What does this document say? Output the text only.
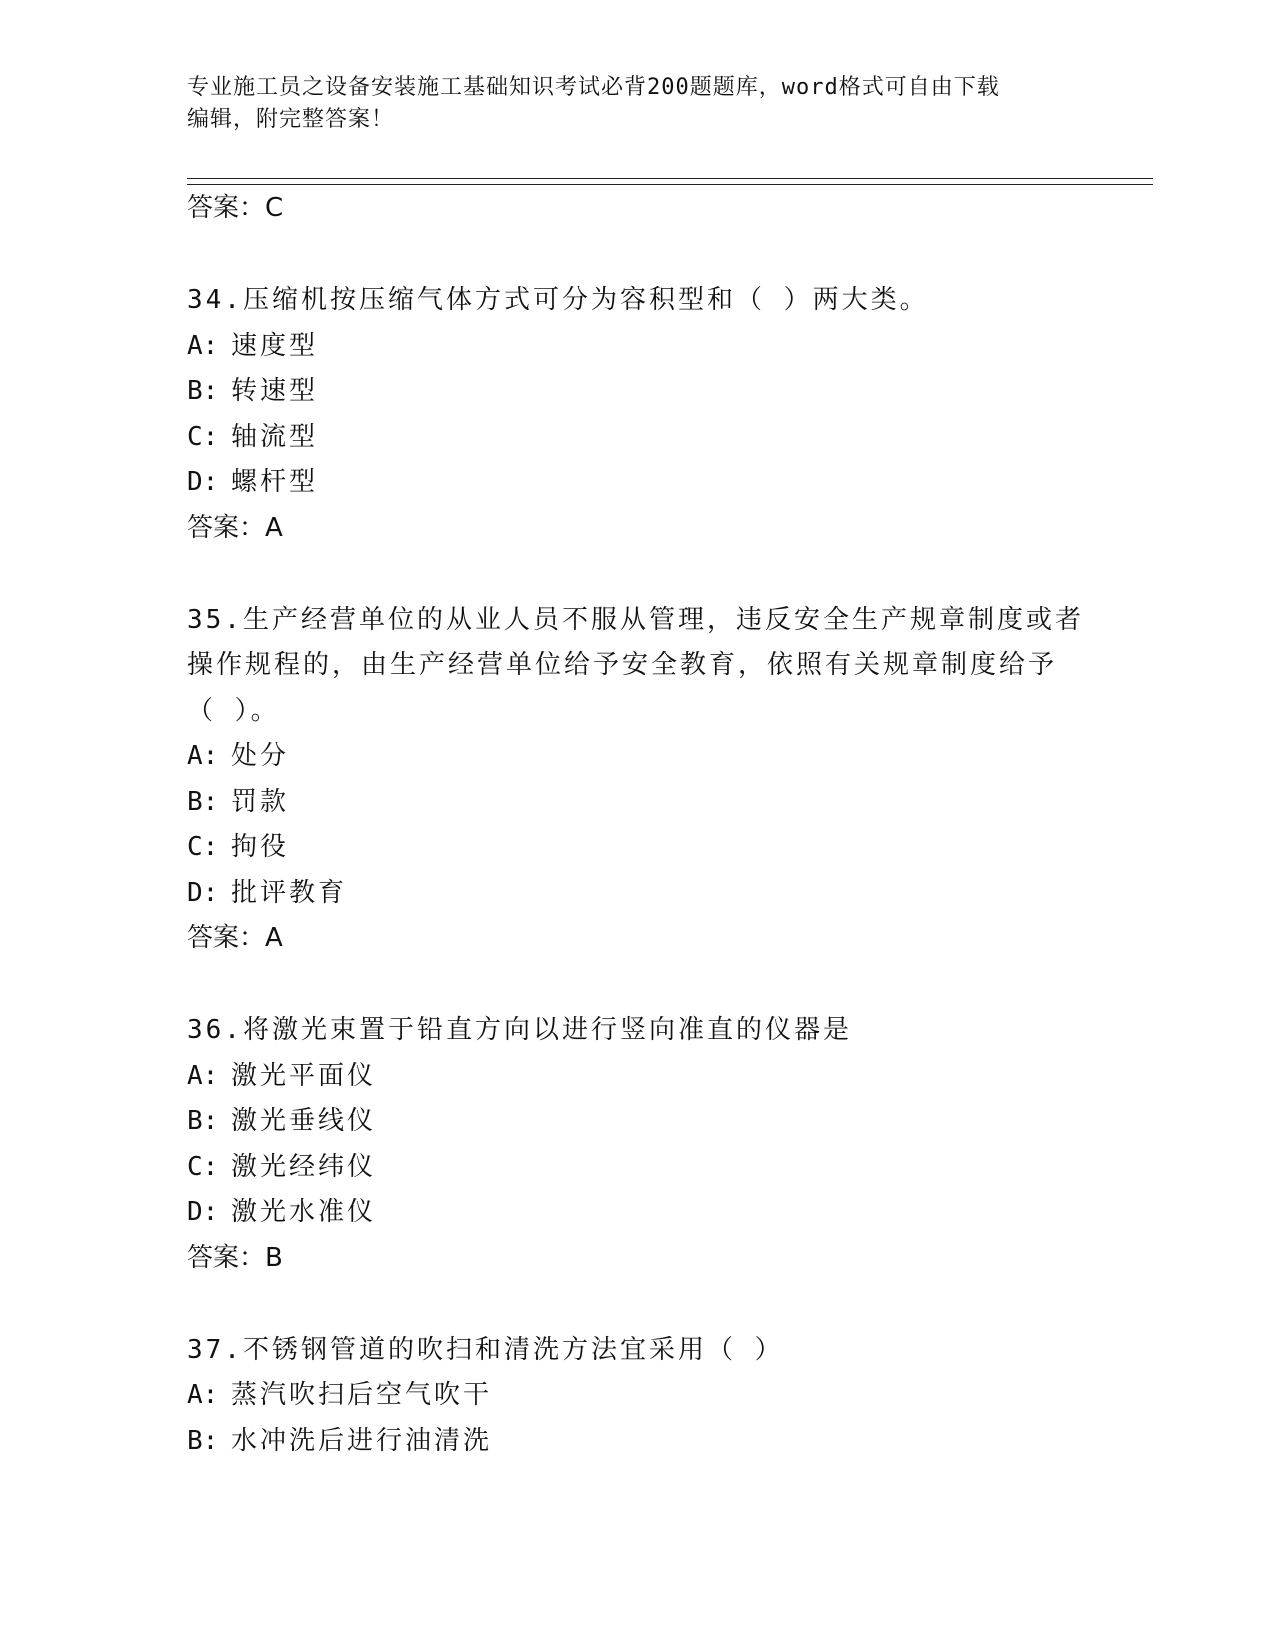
专业施工员之设备安装施工基础知识考试必背200题题库，word格式可自由下载
编辑，附完整答案！
答案：C
34.压缩机按压缩气体方式可分为容积型和（ ）两大类。
A: 速度型
B: 转速型
C: 轴流型
D: 螺杆型
答案：A
35.生产经营单位的从业人员不服从管理，违反安全生产规章制度或者
操作规程的，由生产经营单位给予安全教育，依照有关规章制度给予
（ ）。
A: 处分
B: 罚款
C: 拘役
D: 批评教育
答案：A
36.将激光束置于铅直方向以进行竖向准直的仪器是
A: 激光平面仪
B: 激光垂线仪
C: 激光经纬仪
D: 激光水准仪
答案：B
37.不锈钢管道的吹扫和清洗方法宜采用（ ）
A: 蒸汽吹扫后空气吹干
B: 水冲洗后进行油清洗
